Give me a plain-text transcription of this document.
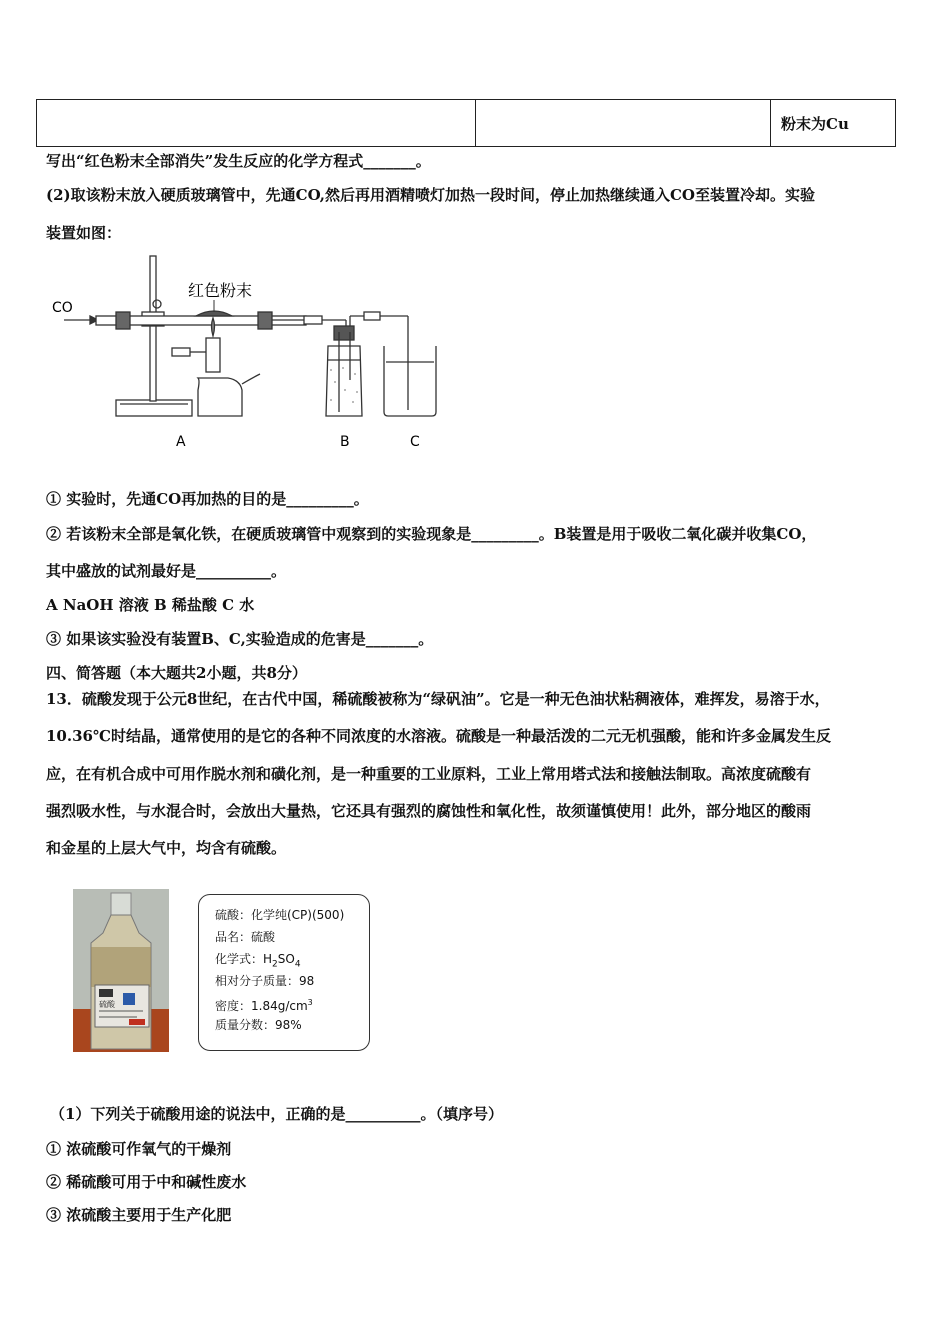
		粉末为Cu
写出“红色粉末全部消失”发生反应的化学方程式_______。
(2)取该粉末放入硬质玻璃管中，先通CO,然后再用酒精喷灯加热一段时间，停止加热继续通入CO至装置冷却。实验
装置如图：
CO
红色粉末
A	B	C
① 实验时，先通CO再加热的目的是_________。
② 若该粉末全部是氧化铁，在硬质玻璃管中观察到的实验现象是_________。B装置是用于吸收二氧化碳并收集CO，
其中盛放的试剂最好是__________。
A NaOH 溶液 B 稀盐酸 C 水
③ 如果该实验没有装置B、C,实验造成的危害是_______。
四、简答题（本大题共2小题，共8分）
13．硫酸发现于公元8世纪，在古代中国，稀硫酸被称为“绿矾油”。它是一种无色油状粘稠液体，难挥发，易溶于水，
10.36℃时结晶，通常使用的是它的各种不同浓度的水溶液。硫酸是一种最活泼的二元无机强酸，能和许多金属发生反
应，在有机合成中可用作脱水剂和磺化剂，是一种重要的工业原料，工业上常用塔式法和接触法制取。高浓度硫酸有
强烈吸水性，与水混合时，会放出大量热，它还具有强烈的腐蚀性和氧化性，故须谨慎使用！此外，部分地区的酸雨
和金星的上层大气中，均含有硫酸。
硫酸
硫酸：化学纯(CP)(500)
品名：硫酸
化学式：$H_2SO_4$
相对分子质量：98
密度：$1.84g/cm^3$
质量分数：98%
（1）下列关于硫酸用途的说法中，正确的是__________。（填序号）
① 浓硫酸可作氧气的干燥剂
② 稀硫酸可用于中和碱性废水
③ 浓硫酸主要用于生产化肥
